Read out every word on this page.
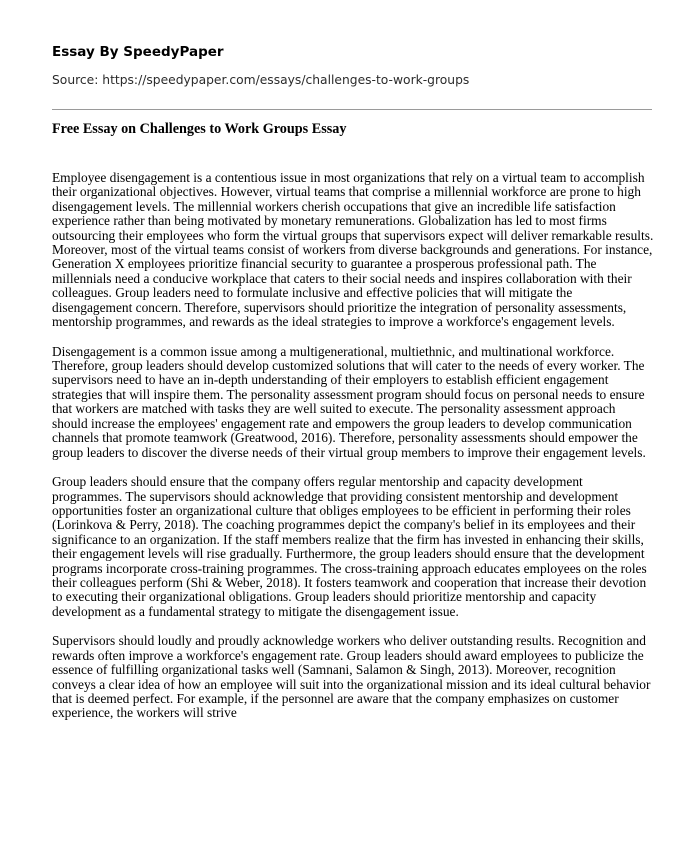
Essay By SpeedyPaper
Source: https://speedypaper.com/essays/challenges-to-work-groups
Free Essay on Challenges to Work Groups Essay

Employee disengagement is a contentious issue in most organizations that rely on a virtual team to accomplish their organizational objectives. However, virtual teams that comprise a millennial workforce are prone to high disengagement levels. The millennial workers cherish occupations that give an incredible life satisfaction experience rather than being motivated by monetary remunerations. Globalization has led to most firms outsourcing their employees who form the virtual groups that supervisors expect will deliver remarkable results. Moreover, most of the virtual teams consist of workers from diverse backgrounds and generations. For instance, Generation X employees prioritize financial security to guarantee a prosperous professional path. The millennials need a conducive workplace that caters to their social needs and inspires collaboration with their colleagues. Group leaders need to formulate inclusive and effective policies that will mitigate the disengagement concern. Therefore, supervisors should prioritize the integration of personality assessments, mentorship programmes, and rewards as the ideal strategies to improve a workforce's engagement levels.

Disengagement is a common issue among a multigenerational, multiethnic, and multinational workforce. Therefore, group leaders should develop customized solutions that will cater to the needs of every worker. The supervisors need to have an in-depth understanding of their employers to establish efficient engagement strategies that will inspire them. The personality assessment program should focus on personal needs to ensure that workers are matched with tasks they are well suited to execute. The personality assessment approach should increase the employees' engagement rate and empowers the group leaders to develop communication channels that promote teamwork (Greatwood, 2016). Therefore, personality assessments should empower the group leaders to discover the diverse needs of their virtual group members to improve their engagement levels.

Group leaders should ensure that the company offers regular mentorship and capacity development programmes. The supervisors should acknowledge that providing consistent mentorship and development opportunities foster an organizational culture that obliges employees to be efficient in performing their roles (Lorinkova & Perry, 2018). The coaching programmes depict the company's belief in its employees and their significance to an organization. If the staff members realize that the firm has invested in enhancing their skills, their engagement levels will rise gradually. Furthermore, the group leaders should ensure that the development programs incorporate cross-training programmes. The cross-training approach educates employees on the roles their colleagues perform (Shi & Weber, 2018). It fosters teamwork and cooperation that increase their devotion to executing their organizational obligations. Group leaders should prioritize mentorship and capacity development as a fundamental strategy to mitigate the disengagement issue.

Supervisors should loudly and proudly acknowledge workers who deliver outstanding results. Recognition and rewards often improve a workforce's engagement rate. Group leaders should award employees to publicize the essence of fulfilling organizational tasks well (Samnani, Salamon & Singh, 2013). Moreover, recognition conveys a clear idea of how an employee will suit into the organizational mission and its ideal cultural behavior that is deemed perfect. For example, if the personnel are aware that the company emphasizes on customer experience, the workers will strive
